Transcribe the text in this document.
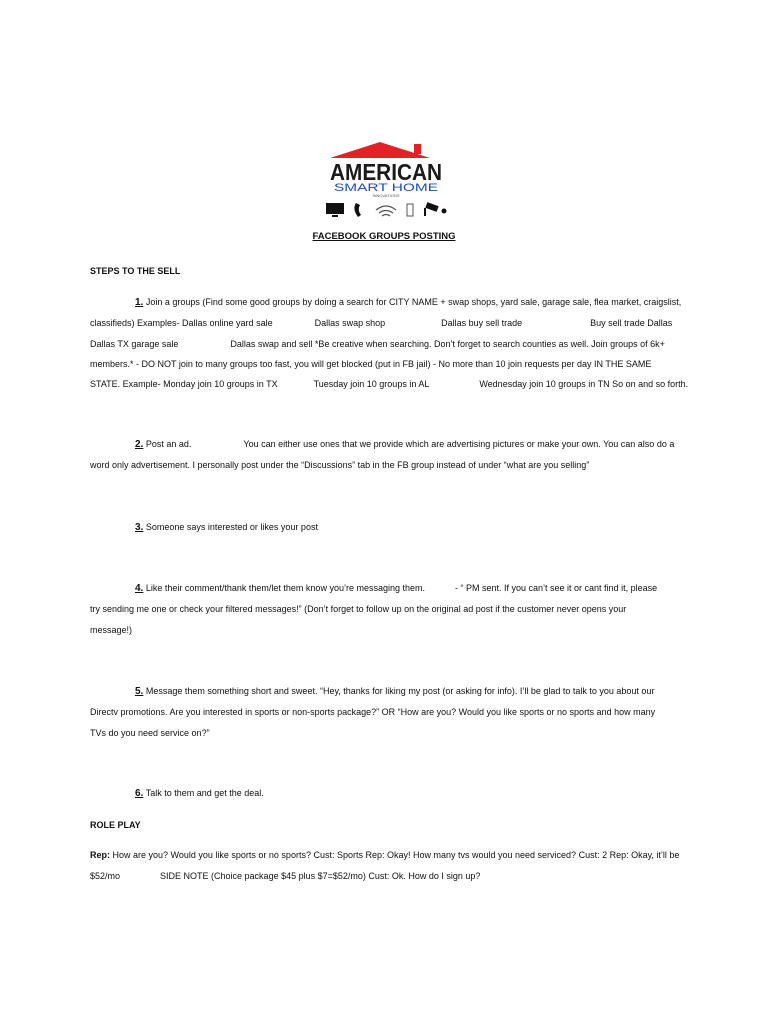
AMERICAN
SMART HOME
INNOVATIONS
FACEBOOK GROUPS POSTING
STEPS TO THE SELL
1. Join a groups (Find some good groups by doing a search for CITY NAME + swap shops, yard sale, garage sale, flea market, craigslist,
classifieds) Examples- Dallas online yard sale	Dallas swap shop	Dallas buy sell trade	Buy sell trade Dallas
Dallas TX garage sale	Dallas swap and sell *Be creative when searching. Don’t forget to search counties as well. Join groups of 6k+
members.* - DO NOT join to many groups too fast, you will get blocked (put in FB jail) - No more than 10 join requests per day IN THE SAME
STATE. Example- Monday join 10 groups in TX	Tuesday join 10 groups in AL	Wednesday join 10 groups in TN So on and so forth.
2. Post an ad.	You can either use ones that we provide which are advertising pictures or make your own. You can also do a
word only advertisement. I personally post under the “Discussions” tab in the FB group instead of under “what are you selling”
3. Someone says interested or likes your post
4. Like their comment/thank them/let them know you’re messaging them.	- “ PM sent. If you can’t see it or cant find it, please
try sending me one or check your filtered messages!” (Don’t forget to follow up on the original ad post if the customer never opens your
message!)
5. Message them something short and sweet. “Hey, thanks for liking my post (or asking for info). I’ll be glad to talk to you about our
Directv promotions. Are you interested in sports or non-sports package?” OR “How are you? Would you like sports or no sports and how many
TVs do you need service on?”
6. Talk to them and get the deal.
ROLE PLAY
Rep: How are you? Would you like sports or no sports? Cust: Sports Rep: Okay! How many tvs would you need serviced? Cust: 2 Rep: Okay, it’ll be
$52/mo	SIDE NOTE (Choice package $45 plus $7=$52/mo) Cust: Ok. How do I sign up?
